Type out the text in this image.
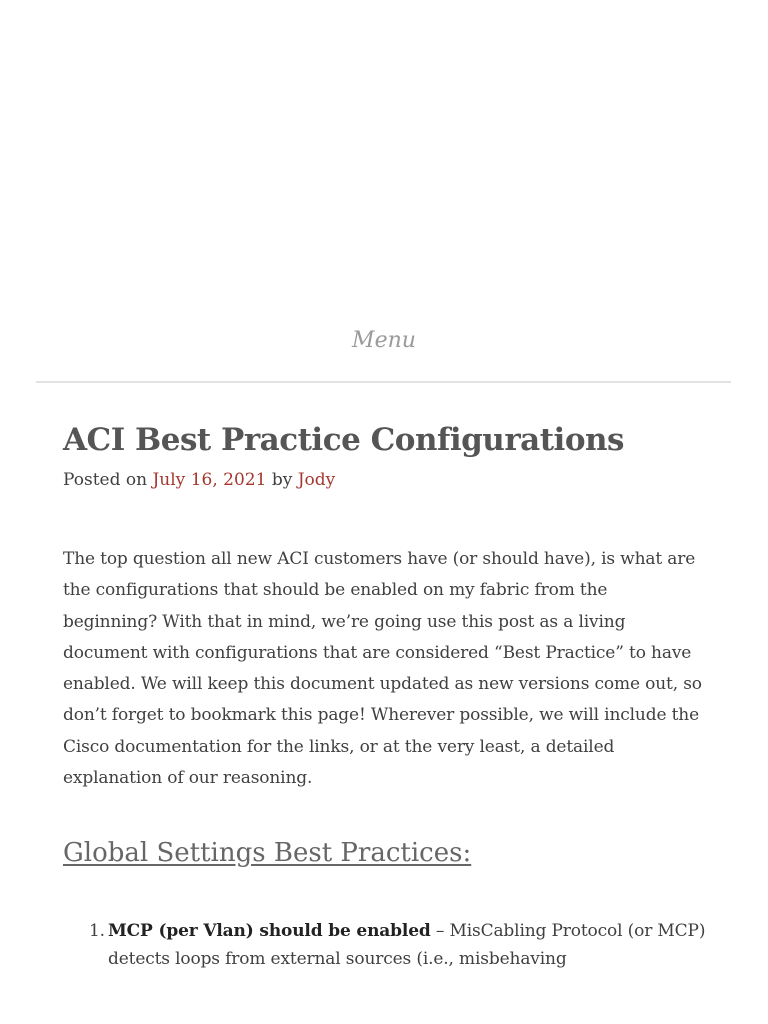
Menu
ACI Best Practice Configurations
Posted on July 16, 2021 by Jody

The top question all new ACI customers have (or should have), is what are the configurations that should be enabled on my fabric from the beginning? With that in mind, we’re going use this post as a living document with configurations that are considered “Best Practice” to have enabled. We will keep this document updated as new versions come out, so don’t forget to bookmark this page! Wherever possible, we will include the Cisco documentation for the links, or at the very least, a detailed explanation of our reasoning.

Global Settings Best Practices:
1. MCP (per Vlan) should be enabled – MisCabling Protocol (or MCP) detects loops from external sources (i.e., misbehaving
